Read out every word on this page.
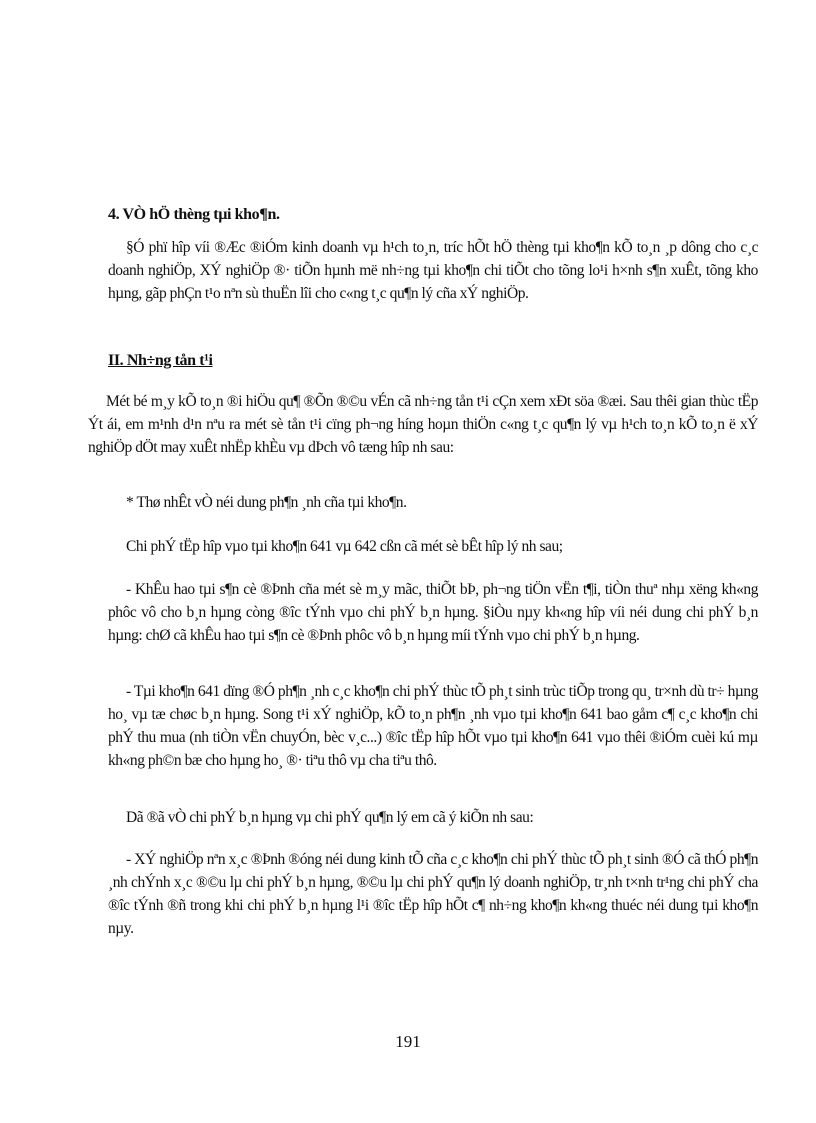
4. VÒ hÖ thèng tµi kho¶n.

§Ó phï hîp víi ®Æc ®iÓm kinh doanh vµ h¹ch to¸n, tríc hÕt hÖ thèng tµi kho¶n kÕ to¸n ¸p dông cho c¸c doanh nghiÖp, XÝ nghiÖp ®· tiÕn hµnh më nh÷ng tµi kho¶n chi tiÕt cho tõng lo¹i h×nh s¶n xuÊt, tõng kho hµng, gãp phÇn t¹o nªn sù thuËn lîi cho c«ng t¸c qu¶n lý cña xÝ nghiÖp.

II. Nh÷ng tån t¹i

Mét bé m¸y kÕ to¸n ®i hiÖu qu¶ ®Õn ®©u vÉn cã nh÷ng tån t¹i cÇn xem xÐt söa ®æi. Sau thêi gian thùc tËp Ýt ái, em m¹nh d¹n nªu ra mét sè tån t¹i cïng ph¬ng híng hoµn thiÖn c«ng t¸c qu¶n lý vµ h¹ch to¸n kÕ to¸n ë xÝ nghiÖp dÖt may xuÊt nhËp khÈu vµ dÞch vô tæng hîp nh sau:

* Thø nhÊt vÒ néi dung ph¶n ¸nh cña tµi kho¶n.

Chi phÝ tËp hîp vµo tµi kho¶n 641 vµ 642 cßn cã mét sè bÊt hîp lý nh sau;

- KhÊu hao tµi s¶n cè ®Þnh cña mét sè m¸y mãc, thiÕt bÞ, ph¬ng tiÖn vËn t¶i, tiÒn thuª nhµ xëng kh«ng phôc vô cho b¸n hµng còng ®îc tÝnh vµo chi phÝ b¸n hµng. §iÒu nµy kh«ng hîp víi néi dung chi phÝ b¸n hµng: chØ cã khÊu hao tµi s¶n cè ®Þnh phôc vô b¸n hµng míi tÝnh vµo chi phÝ b¸n hµng.

- Tµi kho¶n 641 dïng ®Ó ph¶n ¸nh c¸c kho¶n chi phÝ thùc tÕ ph¸t sinh trùc tiÕp trong qu¸ tr×nh dù tr÷ hµng ho¸ vµ tæ chøc b¸n hµng. Song t¹i xÝ nghiÖp, kÕ to¸n ph¶n ¸nh vµo tµi kho¶n 641 bao gåm c¶ c¸c kho¶n chi phÝ thu mua (nh tiÒn vËn chuyÓn, bèc v¸c...) ®îc tËp hîp hÕt vµo tµi kho¶n 641 vµo thêi ®iÓm cuèi kú mµ kh«ng ph©n bæ cho hµng ho¸ ®· tiªu thô vµ cha tiªu thô.

Dã ®ã vÒ chi phÝ b¸n hµng vµ chi phÝ qu¶n lý em cã ý kiÕn nh sau:

- XÝ nghiÖp nªn x¸c ®Þnh ®óng néi dung kinh tÕ cña c¸c kho¶n chi phÝ thùc tÕ ph¸t sinh ®Ó cã thÓ ph¶n ¸nh chÝnh x¸c ®©u lµ chi phÝ b¸n hµng, ®©u lµ chi phÝ qu¶n lý doanh nghiÖp, tr¸nh t×nh tr¹ng chi phÝ cha ®îc tÝnh ®ñ trong khi chi phÝ b¸n hµng l¹i ®îc tËp hîp hÕt c¶ nh÷ng kho¶n kh«ng thuéc néi dung tµi kho¶n nµy.

191
